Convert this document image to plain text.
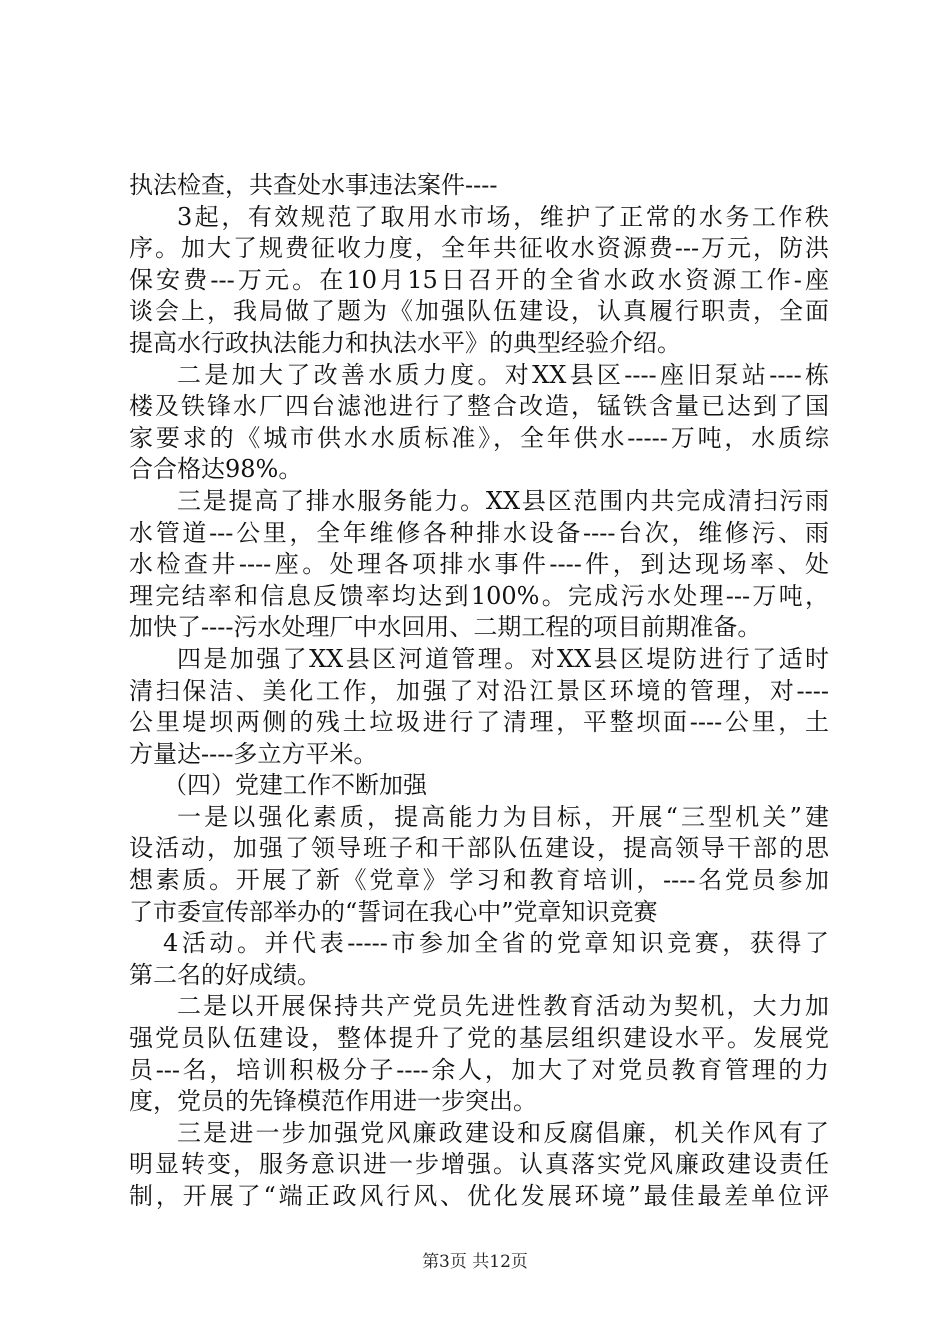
执法检查，共查处水事违法案件----
3起，有效规范了取用水市场，维护了正常的水务工作秩
序。加大了规费征收力度，全年共征收水资源费---万元，防洪
保安费---万元。在10月15日召开的全省水政水资源工作-座
谈会上，我局做了题为《加强队伍建设，认真履行职责，全面
提高水行政执法能力和执法水平》的典型经验介绍。
二是加大了改善水质力度。对XX县区----座旧泵站----栋
楼及铁锋水厂四台滤池进行了整合改造，锰铁含量已达到了国
家要求的《城市供水水质标准》，全年供水-----万吨，水质综
合合格达98%。
三是提高了排水服务能力。XX县区范围内共完成清扫污雨
水管道---公里，全年维修各种排水设备----台次，维修污、雨
水检查井----座。处理各项排水事件----件，到达现场率、处
理完结率和信息反馈率均达到100%。完成污水处理---万吨，
加快了----污水处理厂中水回用、二期工程的项目前期准备。
四是加强了XX县区河道管理。对XX县区堤防进行了适时
清扫保洁、美化工作，加强了对沿江景区环境的管理，对----
公里堤坝两侧的残土垃圾进行了清理，平整坝面----公里，土
方量达----多立方平米。
（四）党建工作不断加强
一是以强化素质，提高能力为目标，开展“三型机关”建
设活动，加强了领导班子和干部队伍建设，提高领导干部的思
想素质。开展了新《党章》学习和教育培训，----名党员参加
了市委宣传部举办的“誓词在我心中”党章知识竞赛
4活动。并代表-----市参加全省的党章知识竞赛，获得了
第二名的好成绩。
二是以开展保持共产党员先进性教育活动为契机，大力加
强党员队伍建设，整体提升了党的基层组织建设水平。发展党
员---名，培训积极分子----余人，加大了对党员教育管理的力
度，党员的先锋模范作用进一步突出。
三是进一步加强党风廉政建设和反腐倡廉，机关作风有了
明显转变，服务意识进一步增强。认真落实党风廉政建设责任
制，开展了“端正政风行风、优化发展环境”最佳最差单位评
第3页 共12页
